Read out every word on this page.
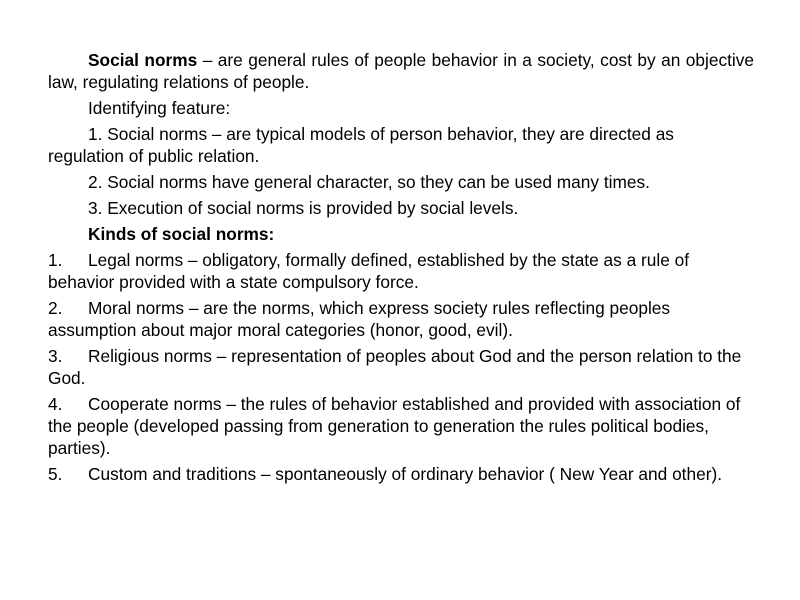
Social norms – are general rules of people behavior in a society, cost by an objective law, regulating relations of people.

Identifying feature:

1. Social norms – are typical models of person behavior, they are directed as regulation of public relation.

2. Social norms have general character, so they can be used many times.

3. Execution of social norms is provided by social levels.

Kinds of social norms:

1. Legal norms – obligatory, formally defined, established by the state as a rule of behavior provided with a state compulsory force.

2. Moral norms – are the norms, which express society rules reflecting peoples assumption about major moral categories (honor, good, evil).

3. Religious norms – representation of peoples about God and the person relation to the God.

4. Cooperate norms – the rules of behavior established and provided with association of the people (developed passing from generation to generation the rules political bodies, parties).

5. Custom and traditions – spontaneously of ordinary behavior ( New Year and other).
